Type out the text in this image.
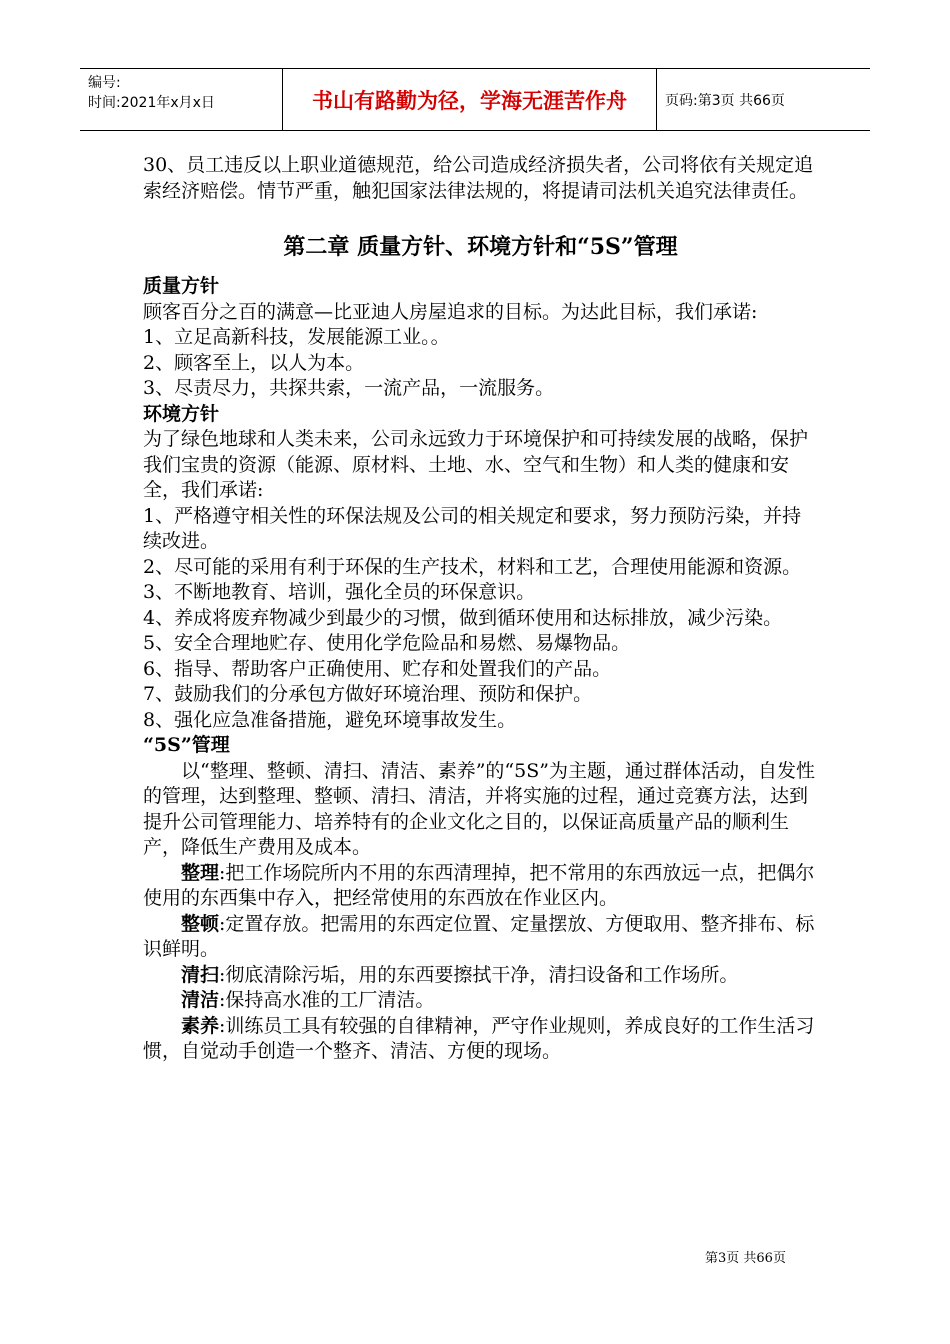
编号:
时间:2021年x月x日	书山有路勤为径，学海无涯苦作舟	页码:第3页 共66页

30、员工违反以上职业道德规范，给公司造成经济损失者，公司将依有关规定追索经济赔偿。情节严重，触犯国家法律法规的，将提请司法机关追究法律责任。

第二章 质量方针、环境方针和“5S”管理

质量方针

顾客百分之百的满意—比亚迪人房屋追求的目标。为达此目标，我们承诺:

1、立足高新科技，发展能源工业。。

2、顾客至上，以人为本。

3、尽责尽力，共探共索，一流产品，一流服务。

环境方针

为了绿色地球和人类未来，公司永远致力于环境保护和可持续发展的战略，保护我们宝贵的资源（能源、原材料、土地、水、空气和生物）和人类的健康和安全，我们承诺:

1、严格遵守相关性的环保法规及公司的相关规定和要求，努力预防污染，并持续改进。

2、尽可能的采用有利于环保的生产技术，材料和工艺，合理使用能源和资源。

3、不断地教育、培训，强化全员的环保意识。

4、养成将废弃物减少到最少的习惯，做到循环使用和达标排放，减少污染。

5、安全合理地贮存、使用化学危险品和易燃、易爆物品。

6、指导、帮助客户正确使用、贮存和处置我们的产品。

7、鼓励我们的分承包方做好环境治理、预防和保护。

8、强化应急准备措施，避免环境事故发生。

“5S”管理

以“整理、整顿、清扫、清洁、素养”的“5S”为主题，通过群体活动，自发性的管理，达到整理、整顿、清扫、清洁，并将实施的过程，通过竞赛方法，达到提升公司管理能力、培养特有的企业文化之目的，以保证高质量产品的顺利生产，降低生产费用及成本。

整理:把工作场院所内不用的东西清理掉，把不常用的东西放远一点，把偶尔使用的东西集中存入，把经常使用的东西放在作业区内。

整顿:定置存放。把需用的东西定位置、定量摆放、方便取用、整齐排布、标识鲜明。

清扫:彻底清除污垢，用的东西要擦拭干净，清扫设备和工作场所。

清洁:保持高水准的工厂清洁。

素养:训练员工具有较强的自律精神，严守作业规则，养成良好的工作生活习惯，自觉动手创造一个整齐、清洁、方便的现场。

第3页 共66页
